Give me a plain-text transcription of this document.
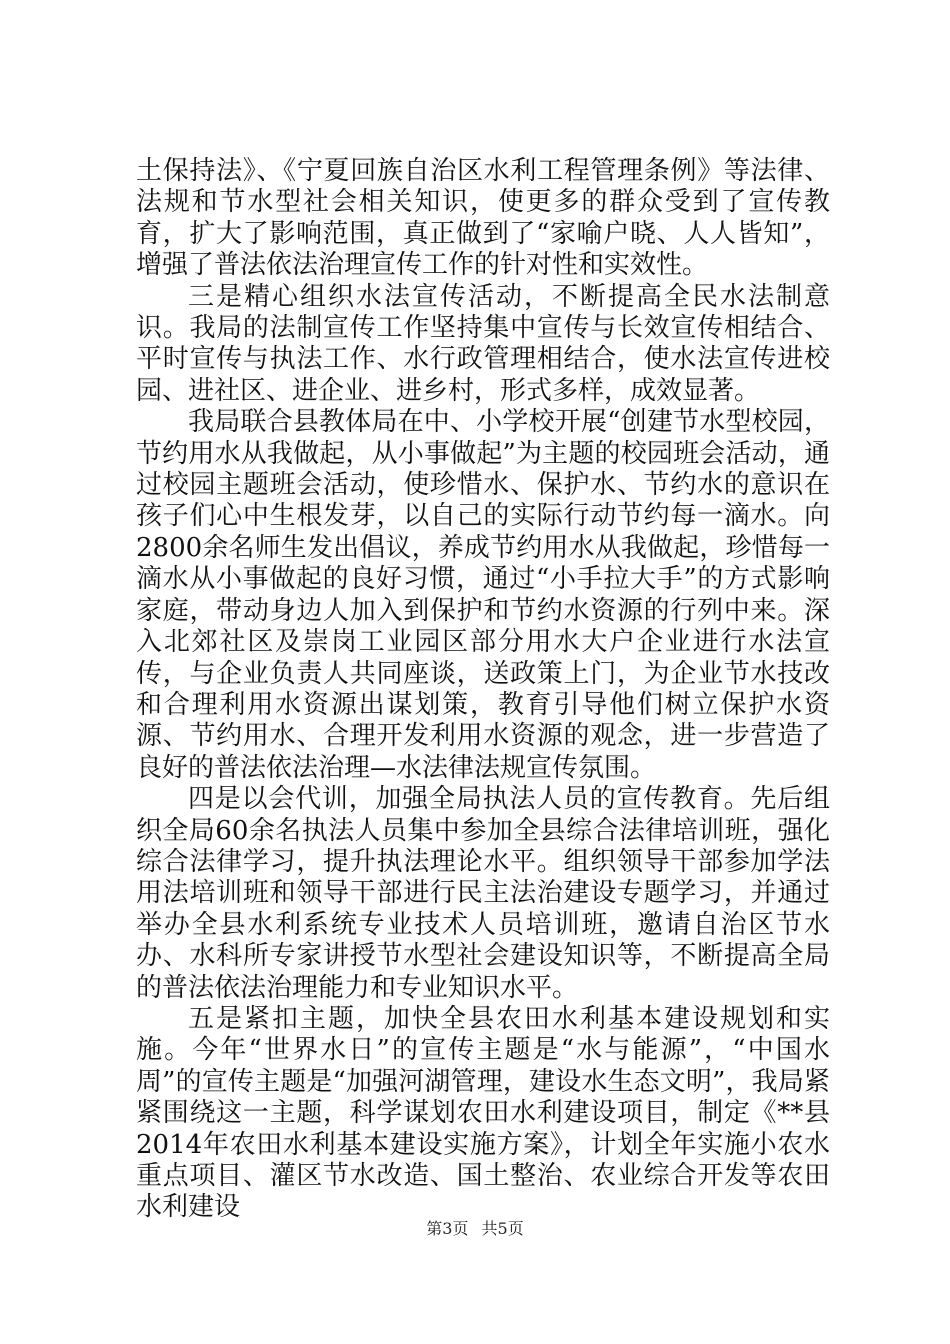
土保持法》、《宁夏回族自治区水利工程管理条例》等法律、法规和节水型社会相关知识，使更多的群众受到了宣传教育，扩大了影响范围，真正做到了“家喻户晓、人人皆知”，增强了普法依法治理宣传工作的针对性和实效性。

三是精心组织水法宣传活动，不断提高全民水法制意识。我局的法制宣传工作坚持集中宣传与长效宣传相结合、平时宣传与执法工作、水行政管理相结合，使水法宣传进校园、进社区、进企业、进乡村，形式多样，成效显著。

我局联合县教体局在中、小学校开展“创建节水型校园，节约用水从我做起，从小事做起”为主题的校园班会活动，通过校园主题班会活动，使珍惜水、保护水、节约水的意识在孩子们心中生根发芽，以自己的实际行动节约每一滴水。向2800余名师生发出倡议，养成节约用水从我做起，珍惜每一滴水从小事做起的良好习惯，通过“小手拉大手”的方式影响家庭，带动身边人加入到保护和节约水资源的行列中来。深入北郊社区及崇岗工业园区部分用水大户企业进行水法宣传，与企业负责人共同座谈，送政策上门，为企业节水技改和合理利用水资源出谋划策，教育引导他们树立保护水资源、节约用水、合理开发利用水资源的观念，进一步营造了良好的普法依法治理—水法律法规宣传氛围。

四是以会代训，加强全局执法人员的宣传教育。先后组织全局60余名执法人员集中参加全县综合法律培训班，强化综合法律学习，提升执法理论水平。组织领导干部参加学法用法培训班和领导干部进行民主法治建设专题学习，并通过举办全县水利系统专业技术人员培训班，邀请自治区节水办、水科所专家讲授节水型社会建设知识等，不断提高全局的普法依法治理能力和专业知识水平。

五是紧扣主题，加快全县农田水利基本建设规划和实施。今年“世界水日”的宣传主题是“水与能源”，“中国水周”的宣传主题是“加强河湖管理，建设水生态文明”，我局紧紧围绕这一主题，科学谋划农田水利建设项目，制定《**县2014年农田水利基本建设实施方案》，计划全年实施小农水重点项目、灌区节水改造、国土整治、农业综合开发等农田水利建设

第3页 共5页
